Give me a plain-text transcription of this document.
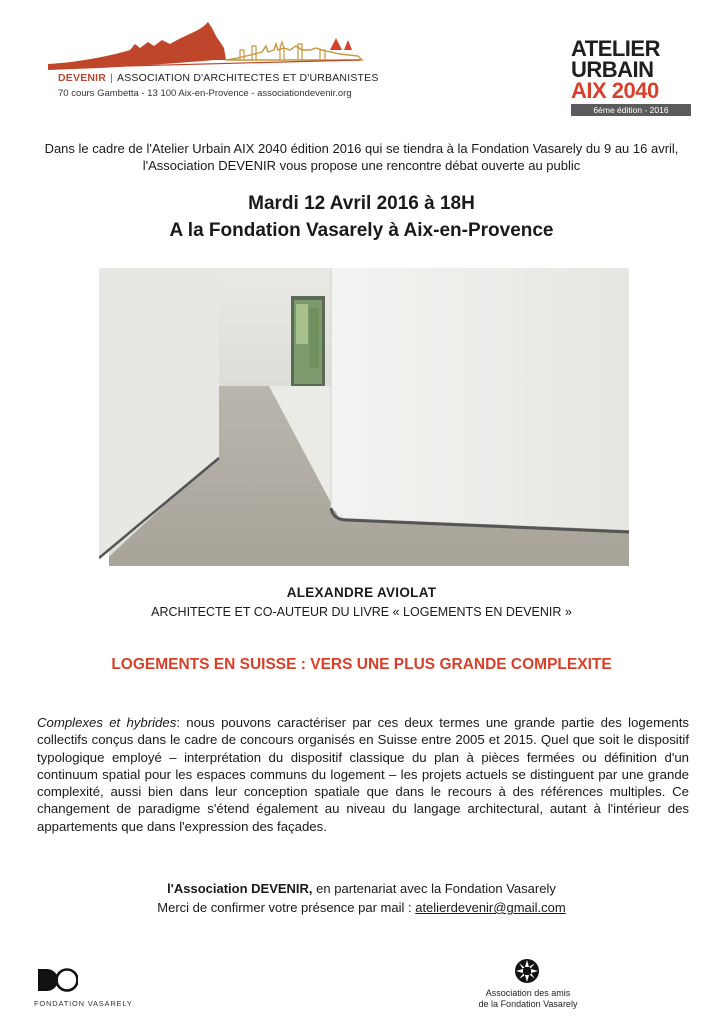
DEVENIR | ASSOCIATION D'ARCHITECTES ET D'URBANISTES
70 cours Gambetta - 13 100 Aix-en-Provence - associationdevenir.org
ATELIER
URBAIN
AIX 2040
6ème édition - 2016
Dans le cadre de l'Atelier Urbain AIX 2040 édition 2016 qui se tiendra à la Fondation Vasarely du 9 au 16 avril, l'Association DEVENIR vous propose une rencontre débat ouverte au public
Mardi 12 Avril 2016 à 18H
A la Fondation Vasarely à Aix-en-Provence
ALEXANDRE AVIOLAT
ARCHITECTE ET CO-AUTEUR DU LIVRE « LOGEMENTS EN DEVENIR »
LOGEMENTS EN SUISSE : VERS UNE PLUS GRANDE COMPLEXITE
Complexes et hybrides: nous pouvons caractériser par ces deux termes une grande partie des logements collectifs conçus dans le cadre de concours organisés en Suisse entre 2005 et 2015. Quel que soit le dispositif typologique employé – interprétation du dispositif classique du plan à pièces fermées ou définition d'un continuum spatial pour les espaces communs du logement – les projets actuels se distinguent par une grande complexité, aussi bien dans leur conception spatiale que dans le recours à des références multiples. Ce changement de paradigme s'étend également au niveau du langage architectural, autant à l'intérieur des appartements que dans l'expression des façades.
l'Association DEVENIR, en partenariat avec la Fondation Vasarely
Merci de confirmer votre présence par mail : atelierdevenir@gmail.com
FONDATION VASARELY
Association des amis
de la Fondation Vasarely
